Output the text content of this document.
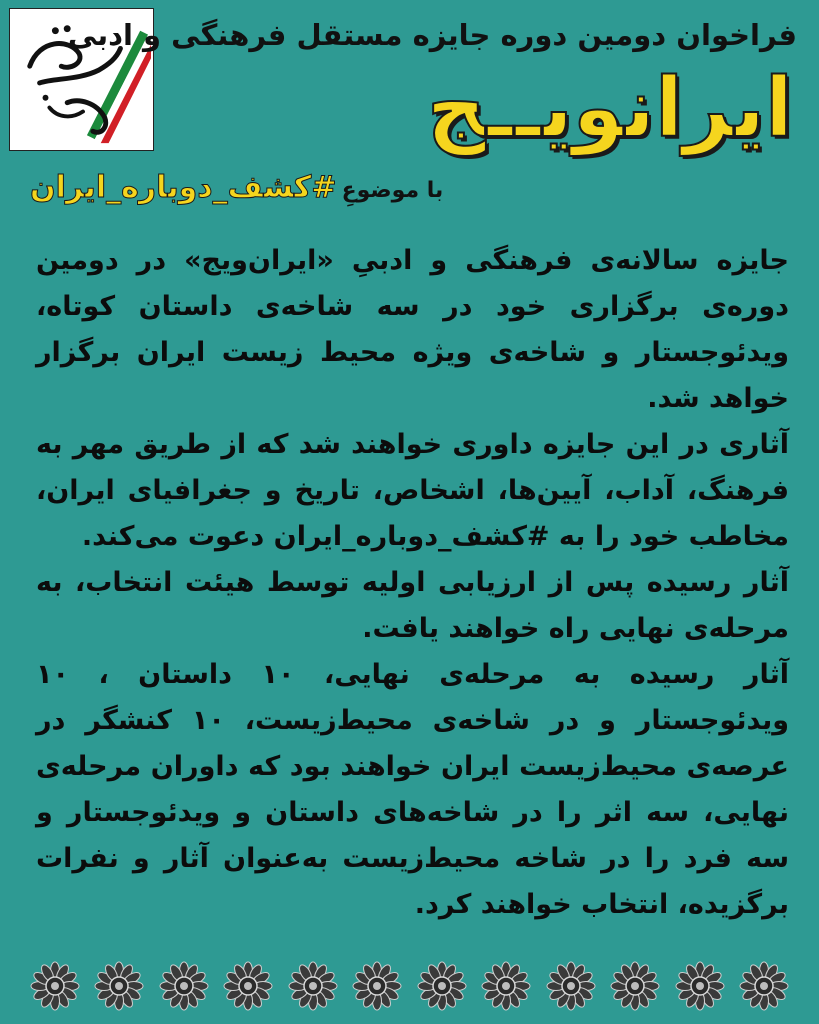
فراخوان دومین دوره جایزه مستقل فرهنگی و ادبی
ایرانویــج
با موضوعِ #کشف_دوباره_ایران

جایزه سالانه‌ی فرهنگی و ادبیِ «ایران‌ویج» در دومین دوره‌ی برگزاری خود در سه شاخه‌ی داستان کوتاه، ویدئوجستار و شاخه‌ی ویژه محیط زیست ایران برگزار خواهد شد.

آثاری در این جایزه داوری خواهند شد که از طریق مهر به فرهنگ، آداب، آیین‌ها، اشخاص، تاریخ و جغرافیای ایران، مخاطب خود را به #کشف_دوباره_ایران دعوت می‌کند.

آثار رسیده پس از ارزیابی اولیه توسط هیئت انتخاب، به مرحله‌ی نهایی راه خواهند یافت.

آثار رسیده به مرحله‌ی نهایی، ۱۰ داستان ، ۱۰ ویدئوجستار و در شاخه‌ی محیط‌زیست، ۱۰ کنشگر در عرصه‌ی محیط‌زیست ایران خواهند بود که داوران مرحله‌ی نهایی، سه اثر را در شاخه‌های داستان و ویدئوجستار و سه فرد را در شاخه محیط‌زیست به‌عنوان آثار و نفرات برگزیده، انتخاب خواهند کرد.
